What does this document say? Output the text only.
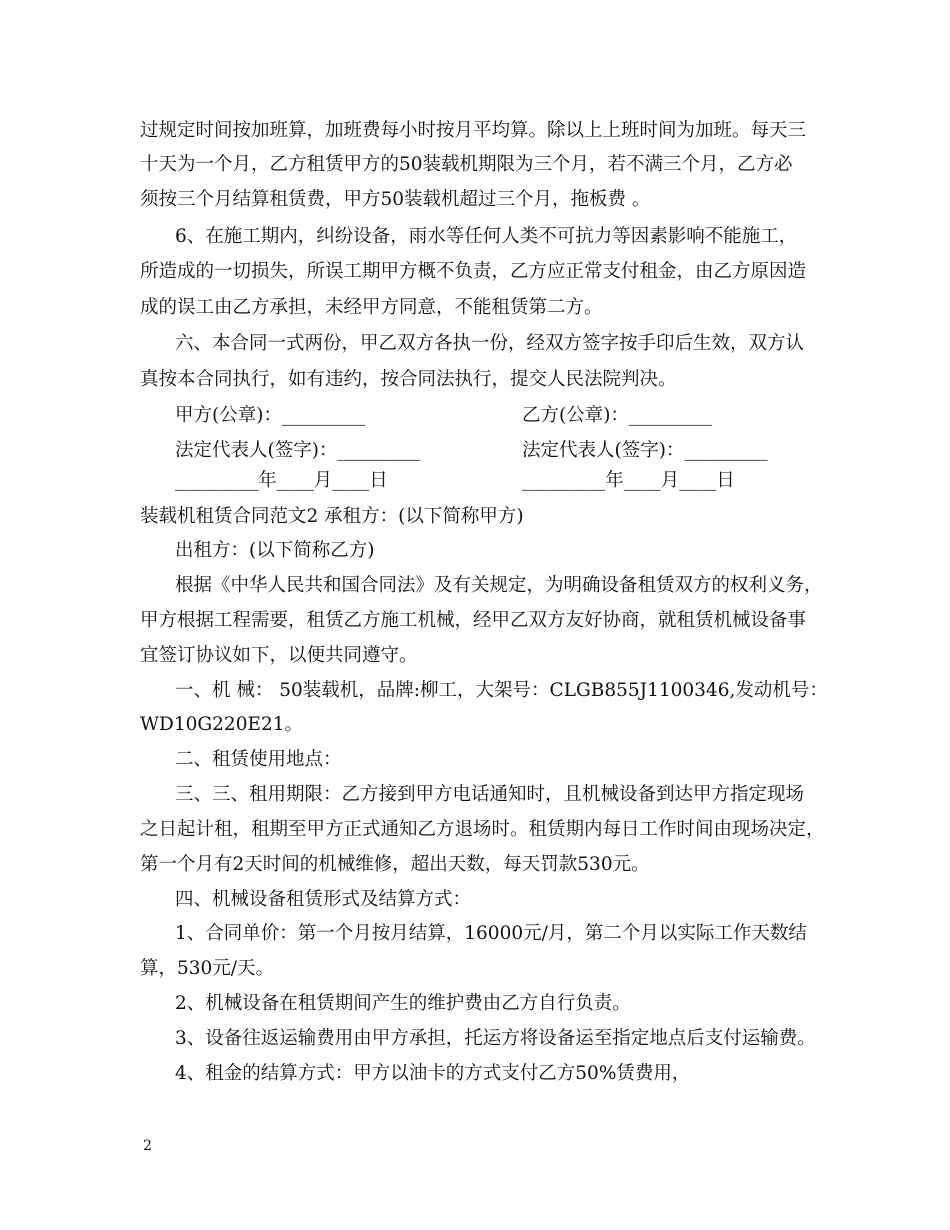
过规定时间按加班算，加班费每小时按月平均算。除以上上班时间为加班。每天三
十天为一个月，乙方租赁甲方的50装载机期限为三个月，若不满三个月，乙方必
须按三个月结算租赁费，甲方50装载机超过三个月，拖板费 。
6、在施工期内，纠纷设备，雨水等任何人类不可抗力等因素影响不能施工，
所造成的一切损失，所误工期甲方概不负责，乙方应正常支付租金，由乙方原因造
成的误工由乙方承担，未经甲方同意，不能租赁第二方。
六、本合同一式两份，甲乙双方各执一份，经双方签字按手印后生效，双方认
真按本合同执行，如有违约，按合同法执行，提交人民法院判决。
甲方(公章)：_________	乙方(公章)：_________
法定代表人(签字)：_________	法定代表人(签字)：_________
_________年____月____日	_________年____月____日
装载机租赁合同范文2 承租方：(以下简称甲方)
出租方：(以下简称乙方)
根据《中华人民共和国合同法》及有关规定，为明确设备租赁双方的权利义务，
甲方根据工程需要，租赁乙方施工机械，经甲乙双方友好协商，就租赁机械设备事
宜签订协议如下，以便共同遵守。
一、机 械： 50装载机，品牌:柳工，大架号：CLGB855J1100346,发动机号：
WD10G220E21。
二、租赁使用地点：
三、三、租用期限：乙方接到甲方电话通知时，且机械设备到达甲方指定现场
之日起计租，租期至甲方正式通知乙方退场时。租赁期内每日工作时间由现场决定，
第一个月有2天时间的机械维修，超出天数，每天罚款530元。
四、机械设备租赁形式及结算方式：
1、合同单价：第一个月按月结算，16000元/月，第二个月以实际工作天数结
算，530元/天。
2、机械设备在租赁期间产生的维护费由乙方自行负责。
3、设备往返运输费用由甲方承担，托运方将设备运至指定地点后支付运输费。
4、租金的结算方式：甲方以油卡的方式支付乙方50%赁费用，
2
